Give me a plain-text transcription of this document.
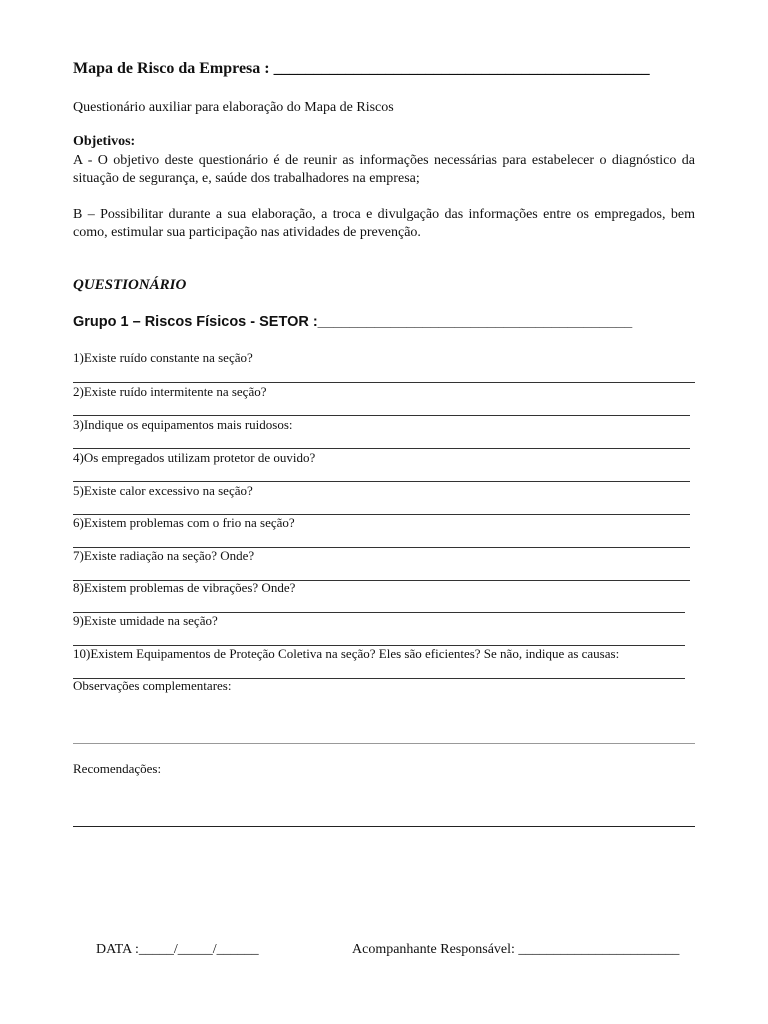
Mapa de Risco da Empresa : _______________________________________________
Questionário auxiliar para elaboração do Mapa de Riscos
Objetivos:
A - O objetivo deste questionário é de reunir as informações necessárias para estabelecer o diagnóstico da situação de segurança, e, saúde dos trabalhadores na empresa;
B – Possibilitar durante a sua elaboração, a troca e divulgação das informações entre os empregados, bem como, estimular sua participação nas atividades de prevenção.
QUESTIONÁRIO
Grupo 1 – Riscos Físicos - SETOR :_______________________________________
1)Existe ruído constante na seção?
2)Existe ruído intermitente na seção?
3)Indique os equipamentos mais ruidosos:
4)Os empregados utilizam protetor de ouvido?
5)Existe calor excessivo na seção?
6)Existem problemas com o frio na seção?
7)Existe radiação na seção? Onde?
8)Existem problemas de vibrações? Onde?
9)Existe umidade na seção?
10)Existem Equipamentos de Proteção Coletiva na seção? Eles são eficientes? Se não, indique as causas:
Observações complementares:
Recomendações:
DATA :_____/_____/______	Acompanhante Responsável: _______________________
